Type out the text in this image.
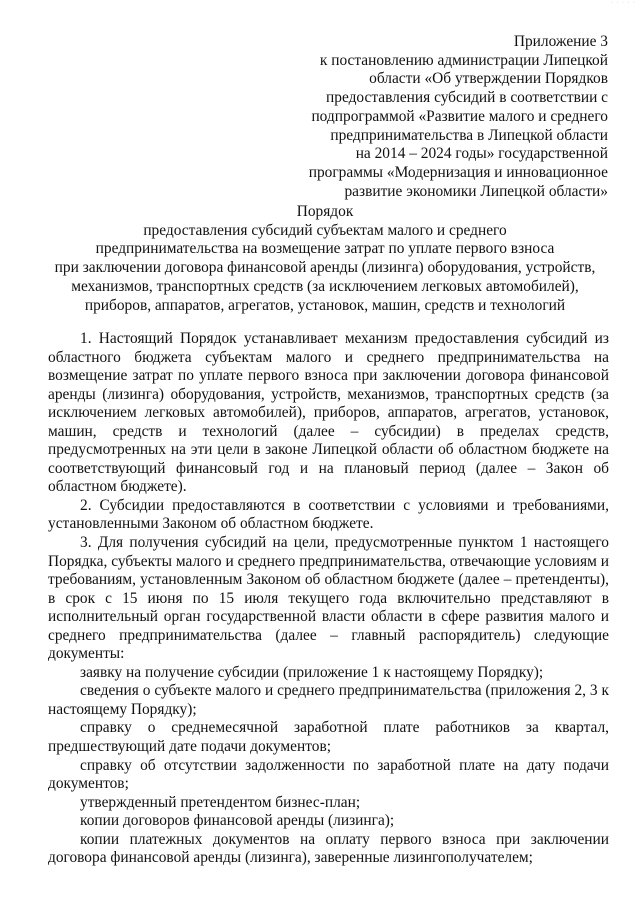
· · · · ·
Приложение 3
к постановлению администрации Липецкой
области «Об утверждении Порядков
предоставления субсидий в соответствии с
подпрограммой «Развитие малого и среднего
предпринимательства в Липецкой области
на 2014 – 2024 годы» государственной
программы «Модернизация и инновационное
развитие экономики Липецкой области»
Порядок
предоставления субсидий субъектам малого и среднего
предпринимательства на возмещение затрат по уплате первого взноса
при заключении договора финансовой аренды (лизинга) оборудования, устройств,
механизмов, транспортных средств (за исключением легковых автомобилей),
приборов, аппаратов, агрегатов, установок, машин, средств и технологий

1. Настоящий Порядок устанавливает механизм предоставления субсидий из областного бюджета субъектам малого и среднего предпринимательства на возмещение затрат по уплате первого взноса при заключении договора финансовой аренды (лизинга) оборудования, устройств, механизмов, транспортных средств (за исключением легковых автомобилей), приборов, аппаратов, агрегатов, установок, машин, средств и технологий (далее – субсидии) в пределах средств, предусмотренных на эти цели в законе Липецкой области об областном бюджете на соответствующий финансовый год и на плановый период (далее – Закон об областном бюджете).

2. Субсидии предоставляются в соответствии с условиями и требованиями, установленными Законом об областном бюджете.

3. Для получения субсидий на цели, предусмотренные пунктом 1 настоящего Порядка, субъекты малого и среднего предпринимательства, отвечающие условиям и требованиям, установленным Законом об областном бюджете (далее – претенденты), в срок с 15 июня по 15 июля текущего года включительно представляют в исполнительный орган государственной власти области в сфере развития малого и среднего предпринимательства (далее – главный распорядитель) следующие документы:

заявку на получение субсидии (приложение 1 к настоящему Порядку);

сведения о субъекте малого и среднего предпринимательства (приложения 2, 3 к настоящему Порядку);

справку о среднемесячной заработной плате работников за квартал, предшествующий дате подачи документов;

справку об отсутствии задолженности по заработной плате на дату подачи документов;

утвержденный претендентом бизнес-план;

копии договоров финансовой аренды (лизинга);

копии платежных документов на оплату первого взноса при заключении договора финансовой аренды (лизинга), заверенные лизингополучателем;
